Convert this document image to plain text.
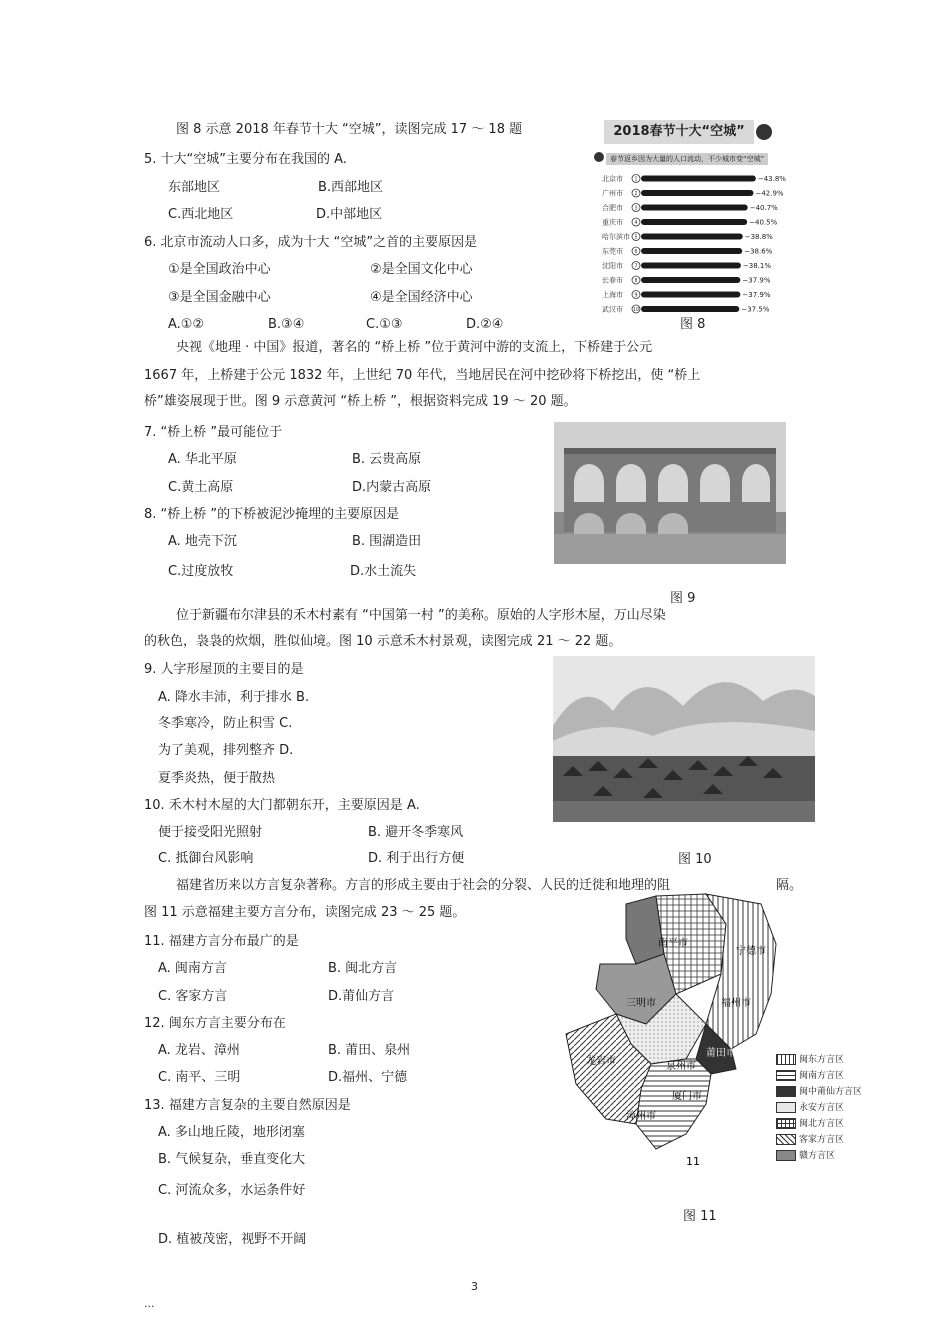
图 8 示意 2018 年春节十大 “空城”，读图完成 17 ～ 18 题
5. 十大“空城”主要分布在我国的 A.
东部地区	B.西部地区
C.西北地区	D.中部地区
6. 北京市流动人口多，成为十大 “空城”之首的主要原因是
①是全国政治中心	②是全国文化中心
③是全国金融中心	④是全国经济中心
A.①②	B.③④	C.①③	D.②④
2018春节十大“空城”
春节返乡因为大量的人口流动，不少城市变“空城”
北京市 1	−43.8%
广州市 2	−42.9%
合肥市 3	−40.7%
重庆市 4	−40.5%
哈尔滨市 5	−38.8%
东莞市 6	−38.6%
沈阳市 7	−38.1%
长春市 8	−37.9%
上海市 9	−37.9%
武汉市 10	−37.5%
图 8
央视《地理 · 中国》报道，著名的 “桥上桥 ”位于黄河中游的支流上，下桥建于公元
1667 年，上桥建于公元 1832 年，上世纪 70 年代，当地居民在河中挖砂将下桥挖出，使 “桥上
桥”雄姿展现于世。图 9 示意黄河 “桥上桥 ”，根据资料完成 19 ～ 20 题。
7. “桥上桥 ”最可能位于
A. 华北平原	B. 云贵高原
C.黄土高原	D.内蒙古高原
8. “桥上桥 ”的下桥被泥沙掩埋的主要原因是
A. 地壳下沉	B. 围湖造田
C.过度放牧	D.水土流失
图 9
位于新疆布尔津县的禾木村素有 “中国第一村 ”的美称。原始的人字形木屋，万山尽染
的秋色，袅袅的炊烟，胜似仙境。图 10 示意禾木村景观，读图完成 21 ～ 22 题。
9. 人字形屋顶的主要目的是
A. 降水丰沛，利于排水 B.
冬季寒冷，防止积雪 C.
为了美观，排列整齐 D.
夏季炎热，便于散热
10. 禾木村木屋的大门都朝东开，主要原因是 A.
便于接受阳光照射	B. 避开冬季寒风
C. 抵御台风影响	D. 利于出行方便	图 10
福建省历来以方言复杂著称。方言的形成主要由于社会的分裂、人民的迁徙和地理的阻	隔。
图 11 示意福建主要方言分布，读图完成 23 ～ 25 题。
11. 福建方言分布最广的是
A. 闽南方言	B. 闽北方言
C. 客家方言	D.莆仙方言
12. 闽东方言主要分布在
A. 龙岩、漳州	B. 莆田、泉州
C. 南平、三明	D.福州、宁德
13. 福建方言复杂的主要自然原因是
A. 多山地丘陵，地形闭塞
B. 气候复杂，垂直变化大
C. 河流众多，水运条件好
D. 植被茂密，视野不开阔
南平市
宁德市
三明市	福州市
莆田市
龙岩市	泉州市
厦门市
漳州市
11
闽东方言区
闽南方言区
闽中莆仙方言区
永安方言区
闽北方言区
客家方言区
赣方言区
图 11
3
...
